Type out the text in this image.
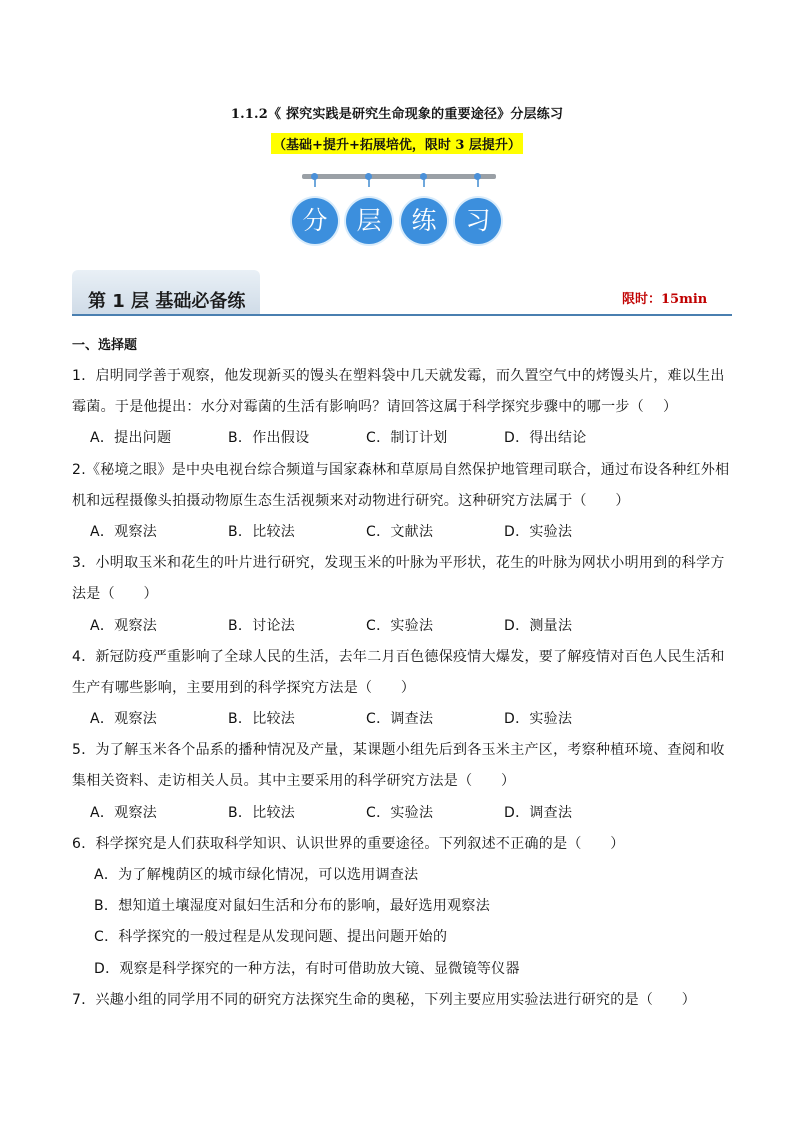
1.1.2《 探究实践是研究生命现象的重要途径》分层练习
（基础+提升+拓展培优，限时 3 层提升）
分	层	练	习
第 1 层 基础必备练	限时：15min
一、选择题
1．启明同学善于观察，他发现新买的馒头在塑料袋中几天就发霉，而久置空气中的烤馒头片，难以生出
霉菌。于是他提出：水分对霉菌的生活有影响吗？请回答这属于科学探究步骤中的哪一步（　 ）
A．提出问题	B．作出假设	C．制订计划	D．得出结论
2.《秘境之眼》是中央电视台综合频道与国家森林和草原局自然保护地管理司联合，通过布设各种红外相
机和远程摄像头拍摄动物原生态生活视频来对动物进行研究。这种研究方法属于（　　）
A．观察法	B．比较法	C．文献法	D．实验法
3．小明取玉米和花生的叶片进行研究，发现玉米的叶脉为平形状，花生的叶脉为网状小明用到的科学方
法是（　　）
A．观察法	B．讨论法	C．实验法	D．测量法
4．新冠防疫严重影响了全球人民的生活，去年二月百色德保疫情大爆发，要了解疫情对百色人民生活和
生产有哪些影响，主要用到的科学探究方法是（　　）
A．观察法	B．比较法	C．调查法	D．实验法
5．为了解玉米各个品系的播种情况及产量，某课题小组先后到各玉米主产区，考察种植环境、查阅和收
集相关资料、走访相关人员。其中主要采用的科学研究方法是（　　）
A．观察法	B．比较法	C．实验法	D．调查法
6．科学探究是人们获取科学知识、认识世界的重要途径。下列叙述不正确的是（　　）
A．为了解槐荫区的城市绿化情况，可以选用调查法
B．想知道土壤湿度对鼠妇生活和分布的影响，最好选用观察法
C．科学探究的一般过程是从发现问题、提出问题开始的
D．观察是科学探究的一种方法，有时可借助放大镜、显微镜等仪器
7．兴趣小组的同学用不同的研究方法探究生命的奥秘，下列主要应用实验法进行研究的是（　　）
